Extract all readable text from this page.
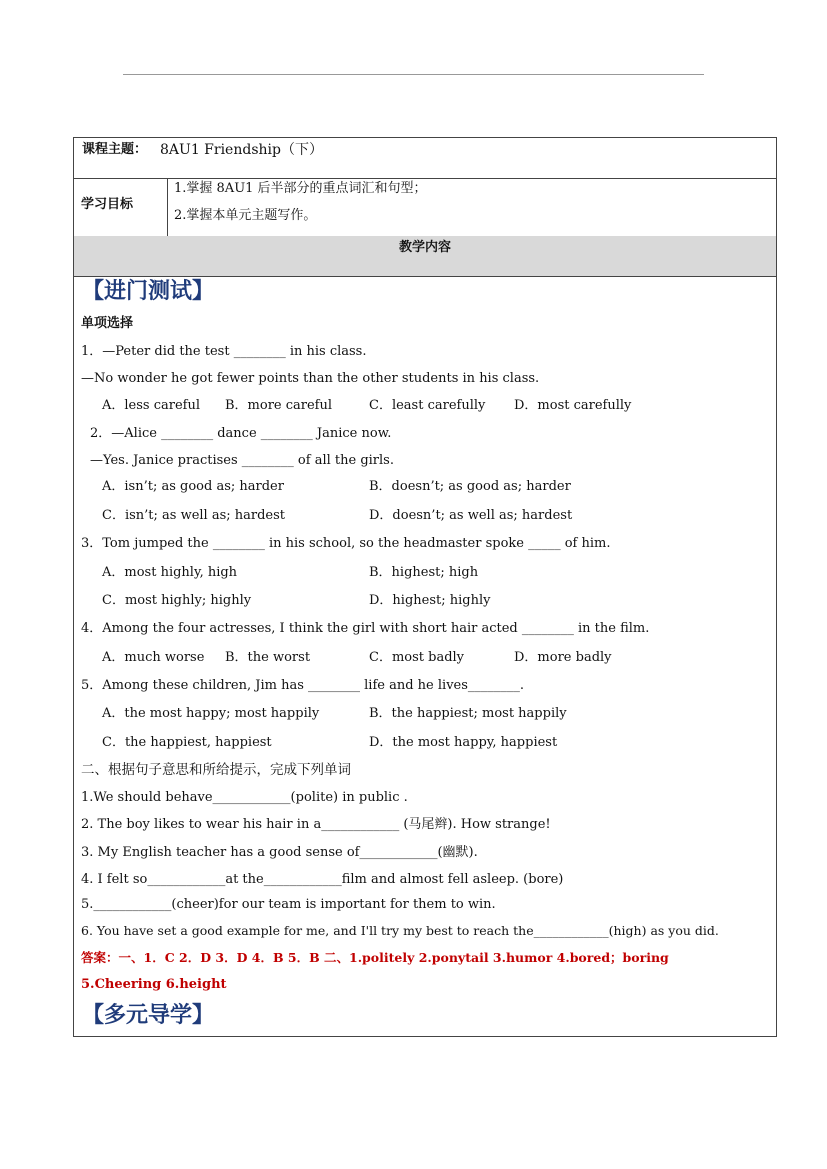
课程主题： 8AU1 Friendship（下）
学习目标
1.掌握 8AU1 后半部分的重点词汇和句型；
2.掌握本单元主题写作。
教学内容
【进门测试】
单项选择
1．—Peter did the test ________ in his class.
—No wonder he got fewer points than the other students in his class.
A．less careful B．more careful	C．least carefully D．most carefully
2．—Alice ________ dance ________ Janice now.
—Yes. Janice practises ________ of all the girls.
A．isn’t; as good as; harder	B．doesn’t; as good as; harder
C．isn’t; as well as; hardest	D．doesn’t; as well as; hardest
3．Tom jumped the ________ in his school, so the headmaster spoke _____ of him.
A．most highly, high	B．highest; high
C．most highly; highly	D．highest; highly
4．Among the four actresses, I think the girl with short hair acted ________ in the film.
A．much worse B．the worst	C．most badly	D．more badly
5．Among these children, Jim has ________ life and he lives________.
A．the most happy; most happily	B．the happiest; most happily
C．the happiest, happiest	D．the most happy, happiest
二、根据句子意思和所给提示，完成下列单词
1.We should behave____________(polite) in public .
2. The boy likes to wear his hair in a____________ (马尾辫). How strange!
3. My English teacher has a good sense of____________(幽默).
4. I felt so____________at the____________film and almost fell asleep. (bore)
5.____________(cheer)for our team is important for them to win.
6. You have set a good example for me, and I'll try my best to reach the____________(high) as you did.
答案：一、1．C 2．D 3．D 4．B 5．B 二、1.politely 2.ponytail 3.humor 4.bored；boring
5.Cheering 6.height
【多元导学】
